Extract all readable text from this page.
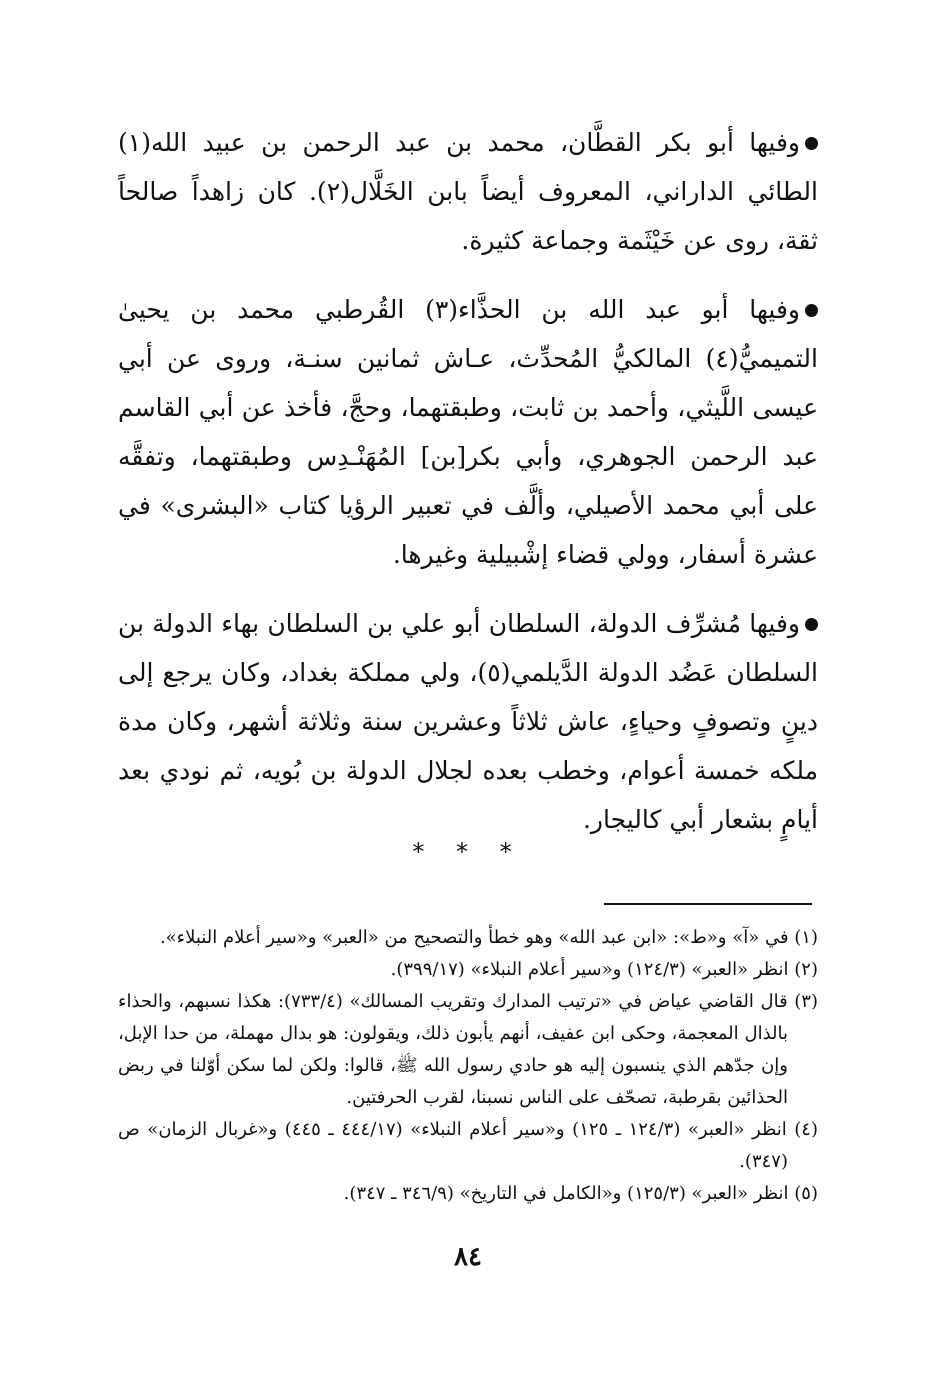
وفيها أبو بكر القطَّان، محمد بن عبد الرحمن بن عبيد الله(١) الطائي الداراني، المعروف أيضاً بابن الخَلَّال(٢). كان زاهداً صالحاً ثقة، روى عن خَيْثَمة وجماعة كثيرة.

وفيها أبو عبد الله بن الحذَّاء(٣) القُرطبي محمد بن يحيىٰ التميميُّ(٤) المالكيُّ المُحدِّث، عـاش ثمانين سنـة، وروى عن أبي عيسى اللَّيثي، وأحمد بن ثابت، وطبقتهما، وحجَّ، فأخذ عن أبي القاسم عبد الرحمن الجوهري، وأبي بكر[بن] المُهَنْـدِس وطبقتهما، وتفقَّه على أبي محمد الأصيلي، وألَّف في تعبير الرؤيا كتاب «البشرى» في عشرة أسفار، وولي قضاء إشْبيلية وغيرها.

وفيها مُشرِّف الدولة، السلطان أبو علي بن السلطان بهاء الدولة بن السلطان عَضُد الدولة الدَّيلمي(٥)، ولي مملكة بغداد، وكان يرجع إلى دينٍ وتصوفٍ وحياءٍ، عاش ثلاثاً وعشرين سنة وثلاثة أشهر، وكان مدة ملكه خمسة أعوام، وخطب بعده لجلال الدولة بن بُويه، ثم نودي بعد أيامٍ بشعار أبي كاليجار.

* * *

(١) في «آ» و«ط»: «ابن عبد الله» وهو خطأ والتصحيح من «العبر» و«سير أعلام النبلاء».

(٢) انظر «العبر» (١٢٤/٣) و«سير أعلام النبلاء» (٣٩٩/١٧).

(٣) قال القاضي عياض في «ترتيب المدارك وتقريب المسالك» (٧٣٣/٤): هكذا نسبهم، والحذاء بالذال المعجمة، وحكى ابن عفيف، أنهم يأبون ذلك، ويقولون: هو بدال مهملة، من حدا الإبل، وإن جدّهم الذي ينسبون إليه هو حادي رسول الله ﷺ، قالوا: ولكن لما سكن أوّلنا في ربض الحذائين بقرطبة، تصحّف على الناس نسبنا، لقرب الحرفتين.

(٤) انظر «العبر» (١٢٤/٣ ـ ١٢٥) و«سير أعلام النبلاء» (٤٤٤/١٧ ـ ٤٤٥) و«غربال الزمان» ص (٣٤٧).

(٥) انظر «العبر» (١٢٥/٣) و«الكامل في التاريخ» (٣٤٦/٩ ـ ٣٤٧).

٨٤
